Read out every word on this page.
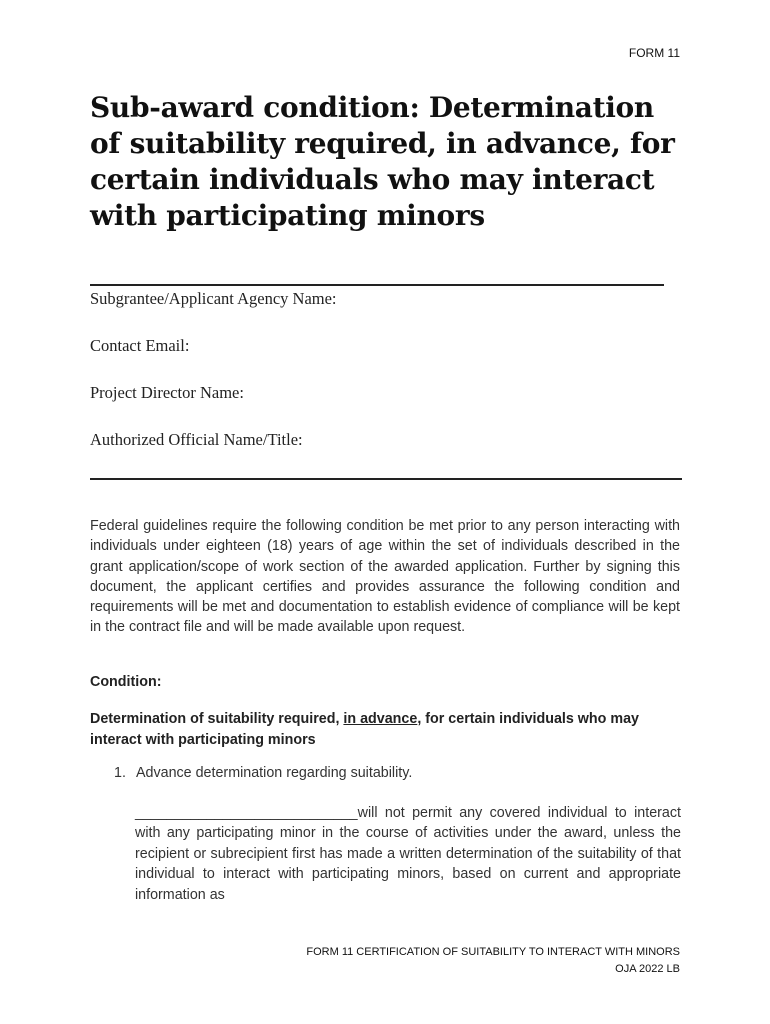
FORM 11
Sub-award condition: Determination of suitability required, in advance, for certain individuals who may interact with participating minors
Subgrantee/Applicant Agency Name:
Contact Email:
Project Director Name:
Authorized Official Name/Title:

Federal guidelines require the following condition be met prior to any person interacting with individuals under eighteen (18) years of age within the set of individuals described in the grant application/scope of work section of the awarded application. Further by signing this document, the applicant certifies and provides assurance the following condition and requirements will be met and documentation to establish evidence of compliance will be kept in the contract file and will be made available upon request.

Condition:

Determination of suitability required, in advance, for certain individuals who may interact with participating minors

1. Advance determination regarding suitability.

____________________________will not permit any covered individual to interact with any participating minor in the course of activities under the award, unless the recipient or subrecipient first has made a written determination of the suitability of that individual to interact with participating minors, based on current and appropriate information as

FORM 11 CERTIFICATION OF SUITABILITY TO INTERACT WITH MINORS
OJA 2022 LB
